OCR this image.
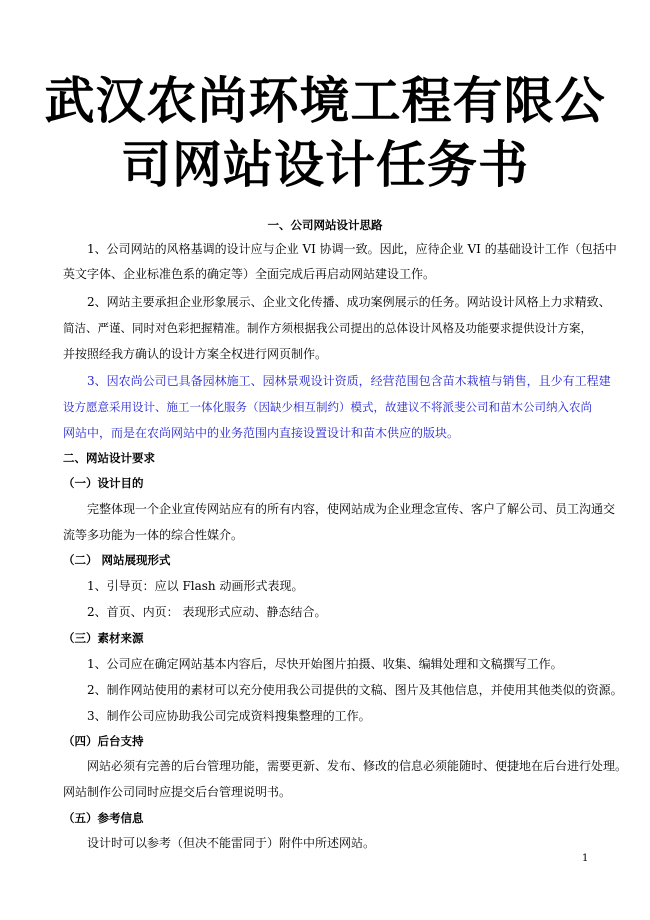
武汉农尚环境工程有限公
司网站设计任务书
一、公司网站设计思路
1、公司网站的风格基调的设计应与企业 VI 协调一致。因此，应待企业 VI 的基础设计工作（包括中
英文字体、企业标准色系的确定等）全面完成后再启动网站建设工作。
2、网站主要承担企业形象展示、企业文化传播、成功案例展示的任务。网站设计风格上力求精致、
简洁、严谨、同时对色彩把握精准。制作方须根据我公司提出的总体设计风格及功能要求提供设计方案，
并按照经我方确认的设计方案全权进行网页制作。
3、因农尚公司已具备园林施工、园林景观设计资质，经营范围包含苗木栽植与销售，且少有工程建
设方愿意采用设计、施工一体化服务（因缺少相互制约）模式，故建议不将派斐公司和苗木公司纳入农尚
网站中，而是在农尚网站中的业务范围内直接设置设计和苗木供应的版块。
二、网站设计要求
（一）设计目的
完整体现一个企业宣传网站应有的所有内容，使网站成为企业理念宣传、客户了解公司、员工沟通交
流等多功能为一体的综合性媒介。
（二） 网站展现形式
1、引导页：应以 Flash 动画形式表现。
2、首页、内页： 表现形式应动、静态结合。
（三）素材来源
1、公司应在确定网站基本内容后，尽快开始图片拍摄、收集、编辑处理和文稿撰写工作。
2、制作网站使用的素材可以充分使用我公司提供的文稿、图片及其他信息，并使用其他类似的资源。
3、制作公司应协助我公司完成资料搜集整理的工作。
（四）后台支持
网站必须有完善的后台管理功能，需要更新、发布、修改的信息必须能随时、便捷地在后台进行处理。
网站制作公司同时应提交后台管理说明书。
（五）参考信息
设计时可以参考（但决不能雷同于）附件中所述网站。
1
